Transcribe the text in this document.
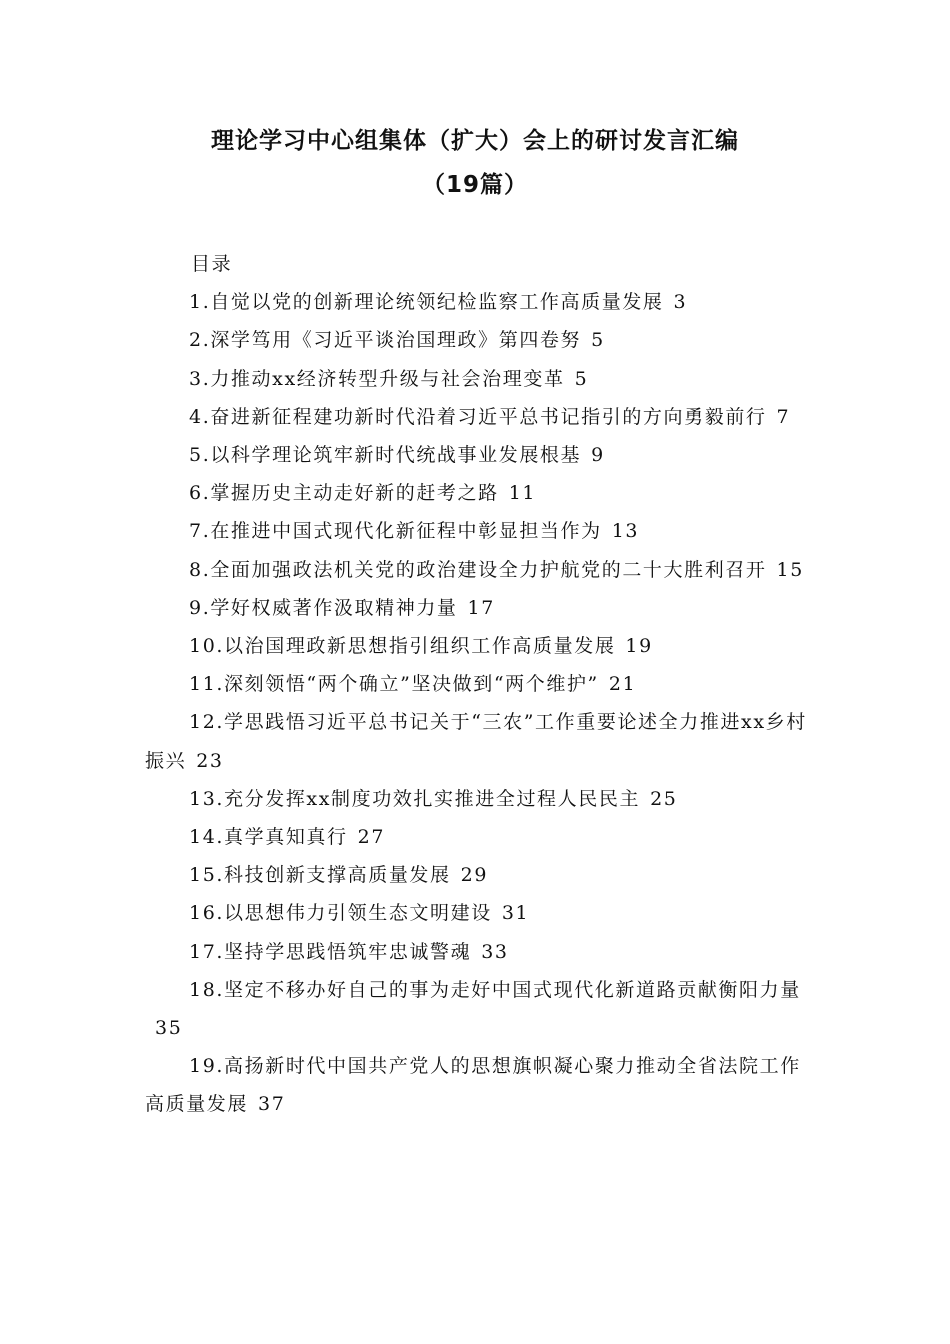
理论学习中心组集体（扩大）会上的研讨发言汇编
（19篇）
目录
1.自觉以党的创新理论统领纪检监察工作高质量发展 3
2.深学笃用《习近平谈治国理政》第四卷努 5
3.力推动xx经济转型升级与社会治理变革 5
4.奋进新征程建功新时代沿着习近平总书记指引的方向勇毅前行 7
5.以科学理论筑牢新时代统战事业发展根基 9
6.掌握历史主动走好新的赶考之路 11
7.在推进中国式现代化新征程中彰显担当作为 13
8.全面加强政法机关党的政治建设全力护航党的二十大胜利召开 15
9.学好权威著作汲取精神力量 17
10.以治国理政新思想指引组织工作高质量发展 19
11.深刻领悟“两个确立”坚决做到“两个维护” 21
12.学思践悟习近平总书记关于“三农”工作重要论述全力推进xx乡村振兴 23
13.充分发挥xx制度功效扎实推进全过程人民民主 25
14.真学真知真行 27
15.科技创新支撑高质量发展 29
16.以思想伟力引领生态文明建设 31
17.坚持学思践悟筑牢忠诚警魂 33
18.坚定不移办好自己的事为走好中国式现代化新道路贡献衡阳力量35
19.高扬新时代中国共产党人的思想旗帜凝心聚力推动全省法院工作高质量发展 37
